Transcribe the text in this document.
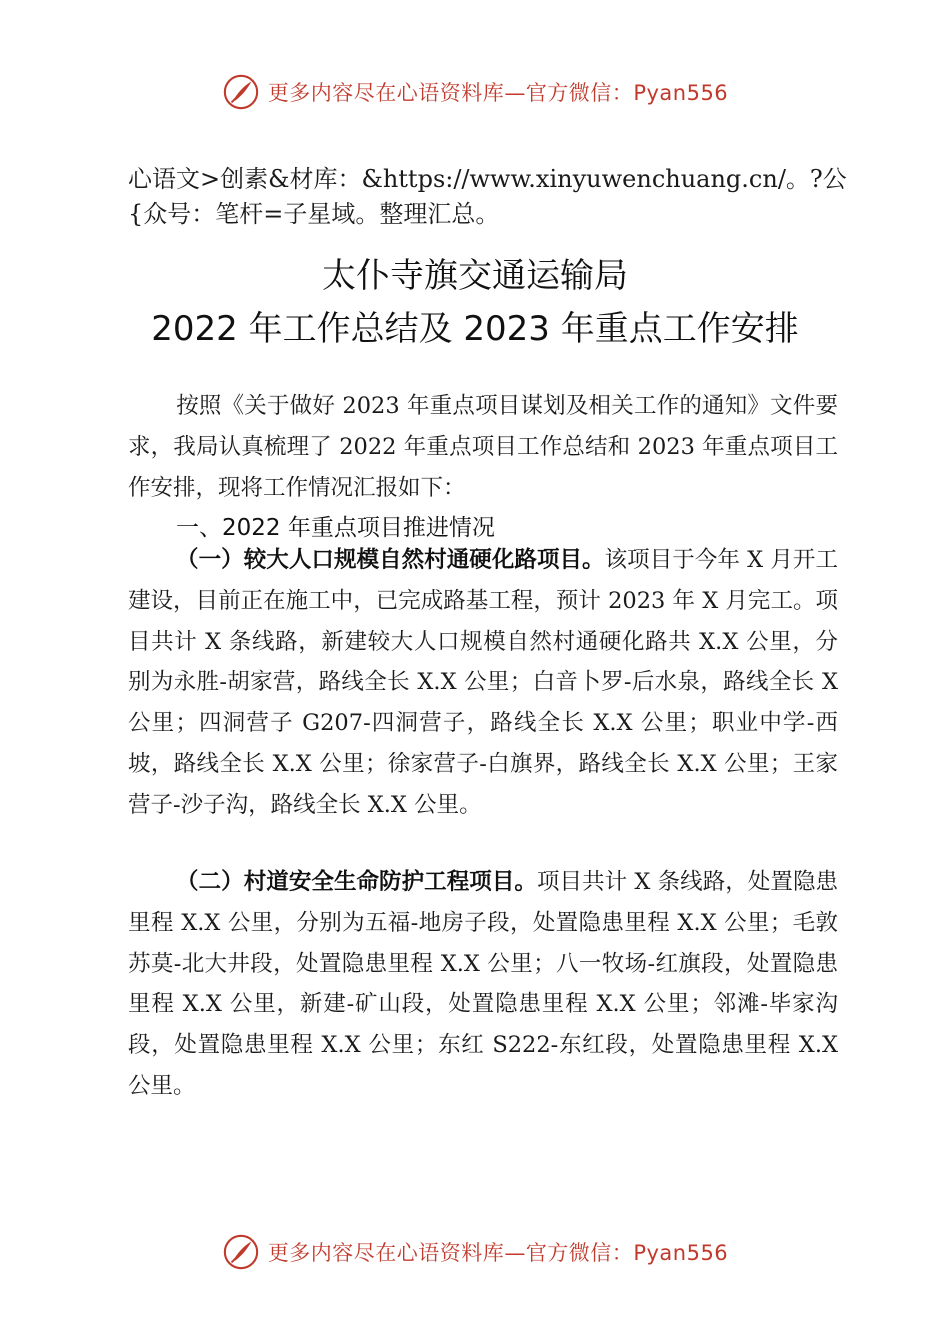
更多内容尽在心语资料库—官方微信：Pyan556
心语文>创素&材库：&https://www.xinyuwenchuang.cn/。?公{众号：笔杆=子星域。整理汇总。
太仆寺旗交通运输局
2022 年工作总结及 2023 年重点工作安排
按照《关于做好 2023 年重点项目谋划及相关工作的通知》文件要求，我局认真梳理了 2022 年重点项目工作总结和 2023 年重点项目工作安排，现将工作情况汇报如下：
一、2022 年重点项目推进情况
（一）较大人口规模自然村通硬化路项目。该项目于今年 X 月开工建设，目前正在施工中，已完成路基工程，预计 2023 年 X 月完工。项目共计 X 条线路，新建较大人口规模自然村通硬化路共 X.X 公里，分别为永胜-胡家营，路线全长 X.X 公里；白音卜罗-后水泉，路线全长 X 公里；四洞营子 G207-四洞营子，路线全长 X.X 公里；职业中学-西坡，路线全长 X.X 公里；徐家营子-白旗界，路线全长 X.X 公里；王家营子-沙子沟，路线全长 X.X 公里。
（二）村道安全生命防护工程项目。项目共计 X 条线路，处置隐患里程 X.X 公里，分别为五福-地房子段，处置隐患里程 X.X 公里；毛敦苏莫-北大井段，处置隐患里程 X.X 公里；八一牧场-红旗段，处置隐患里程 X.X 公里，新建-矿山段，处置隐患里程 X.X 公里；邻滩-毕家沟段，处置隐患里程 X.X 公里；东红 S222-东红段，处置隐患里程 X.X 公里。
更多内容尽在心语资料库—官方微信：Pyan556
